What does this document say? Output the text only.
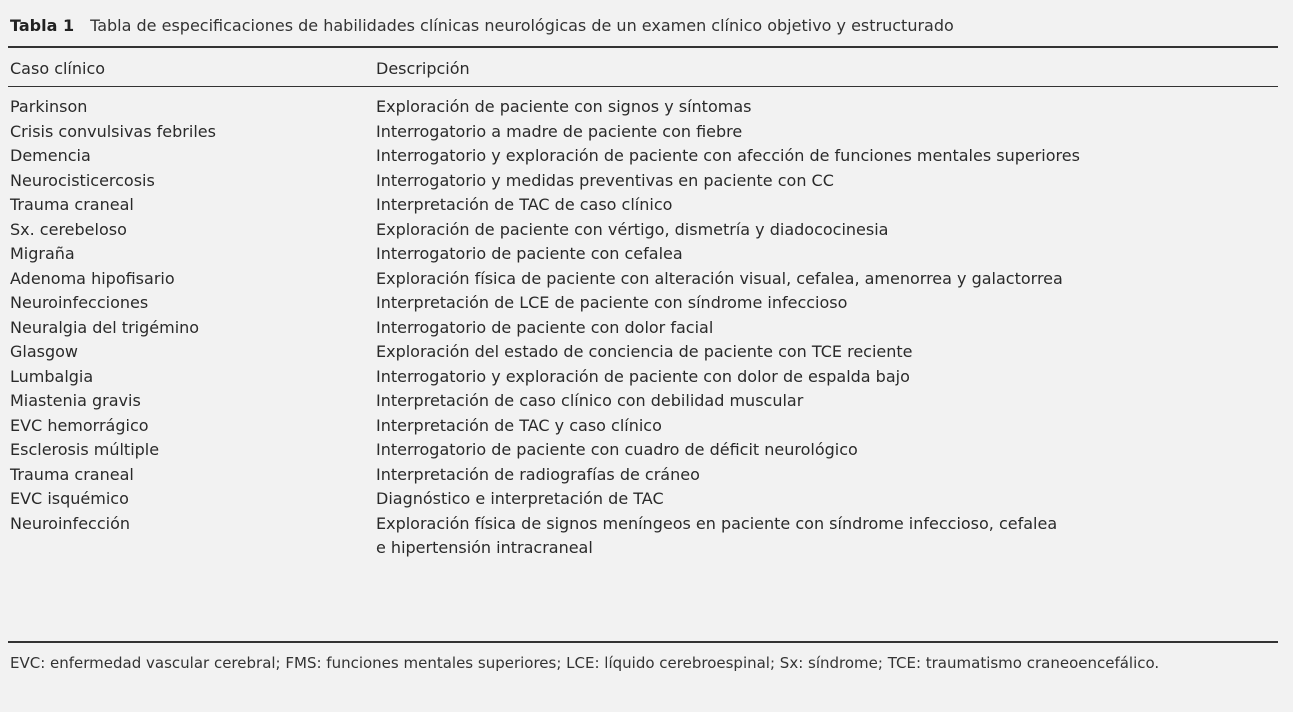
Tabla 1 Tabla de especificaciones de habilidades clínicas neurológicas de un examen clínico objetivo y estructurado
Caso clínico	Descripción
Parkinson	Exploración de paciente con signos y síntomas
Crisis convulsivas febriles	Interrogatorio a madre de paciente con fiebre
Demencia	Interrogatorio y exploración de paciente con afección de funciones mentales superiores
Neurocisticercosis	Interrogatorio y medidas preventivas en paciente con CC
Trauma craneal	Interpretación de TAC de caso clínico
Sx. cerebeloso	Exploración de paciente con vértigo, dismetría y diadococinesia
Migraña	Interrogatorio de paciente con cefalea
Adenoma hipofisario	Exploración física de paciente con alteración visual, cefalea, amenorrea y galactorrea
Neuroinfecciones	Interpretación de LCE de paciente con síndrome infeccioso
Neuralgia del trigémino	Interrogatorio de paciente con dolor facial
Glasgow	Exploración del estado de conciencia de paciente con TCE reciente
Lumbalgia	Interrogatorio y exploración de paciente con dolor de espalda bajo
Miastenia gravis	Interpretación de caso clínico con debilidad muscular
EVC hemorrágico	Interpretación de TAC y caso clínico
Esclerosis múltiple	Interrogatorio de paciente con cuadro de déficit neurológico
Trauma craneal	Interpretación de radiografías de cráneo
EVC isquémico	Diagnóstico e interpretación de TAC
Neuroinfección	Exploración física de signos meníngeos en paciente con síndrome infeccioso, cefalea
e hipertensión intracraneal
EVC: enfermedad vascular cerebral; FMS: funciones mentales superiores; LCE: líquido cerebroespinal; Sx: síndrome; TCE: traumatismo craneoencefálico.
